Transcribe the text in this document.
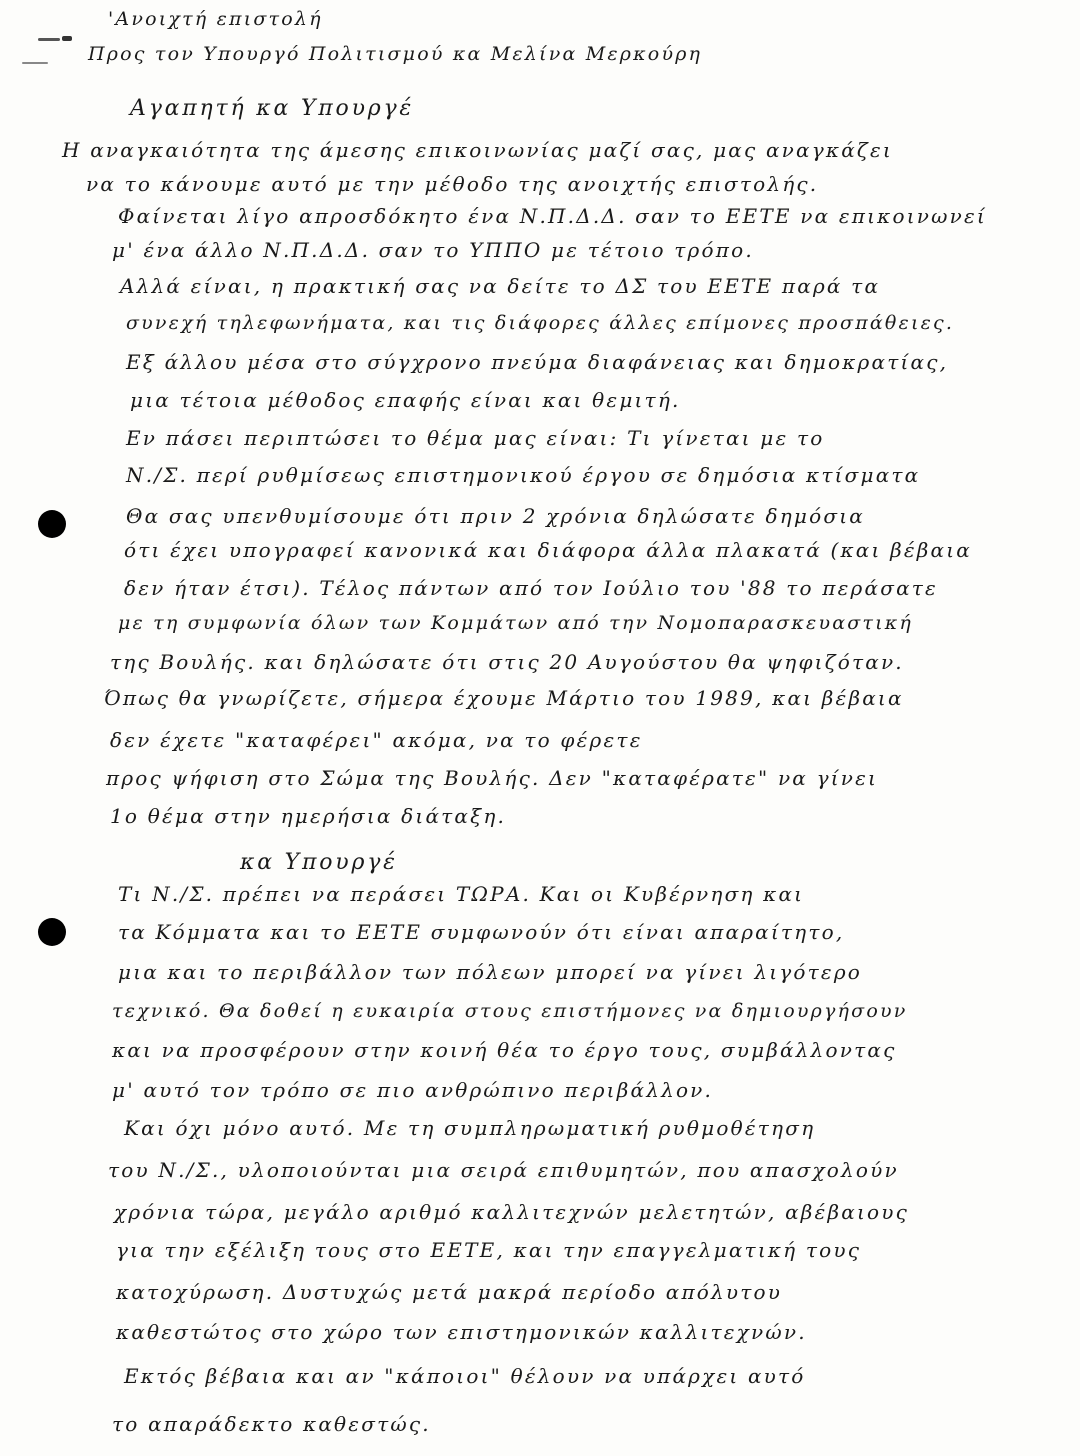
'Ανοιχτή επιστολή
Προς τον Υπουργό Πολιτισμού κα Μελίνα Μερκούρη
Αγαπητή κα Υπουργέ
Η αναγκαιότητα της άμεσης επικοινωνίας μαζί σας, μας αναγκάζει
να το κάνουμε αυτό με την μέθοδο της ανοιχτής επιστολής.
Φαίνεται λίγο απροσδόκητο ένα Ν.Π.Δ.Δ. σαν το ΕΕΤΕ να επικοινωνεί
μ' ένα άλλο Ν.Π.Δ.Δ. σαν το ΥΠΠΟ με τέτοιο τρόπο.
Αλλά είναι, η πρακτική σας να δείτε το ΔΣ του ΕΕΤΕ παρά τα
συνεχή τηλεφωνήματα, και τις διάφορες άλλες επίμονες προσπάθειες.
Εξ άλλου μέσα στο σύγχρονο πνεύμα διαφάνειας και δημοκρατίας,
μια τέτοια μέθοδος επαφής είναι και θεμιτή.
Εν πάσει περιπτώσει το θέμα μας είναι: Τι γίνεται με το
Ν./Σ. περί ρυθμίσεως επιστημονικού έργου σε δημόσια κτίσματα
Θα σας υπενθυμίσουμε ότι πριν 2 χρόνια δηλώσατε δημόσια
ότι έχει υπογραφεί κανονικά και διάφορα άλλα πλακατά (και βέβαια
δεν ήταν έτσι). Τέλος πάντων από τον Ιούλιο του '88 το περάσατε
με τη συμφωνία όλων των Κομμάτων από την Νομοπαρασκευαστική
της Βουλής. και δηλώσατε ότι στις 20 Αυγούστου θα ψηφιζόταν.
Όπως θα γνωρίζετε, σήμερα έχουμε Μάρτιο του 1989, και βέβαια
δεν έχετε "καταφέρει" ακόμα, να το φέρετε
προς ψήφιση στο Σώμα της Βουλής. Δεν "καταφέρατε" να γίνει
1ο θέμα στην ημερήσια διάταξη.
κα Υπουργέ
Τι Ν./Σ. πρέπει να περάσει ΤΩΡΑ. Και οι Κυβέρνηση και
τα Κόμματα και το ΕΕΤΕ συμφωνούν ότι είναι απαραίτητο,
μια και το περιβάλλον των πόλεων μπορεί να γίνει λιγότερο
τεχνικό. Θα δοθεί η ευκαιρία στους επιστήμονες να δημιουργήσουν
και να προσφέρουν στην κοινή θέα το έργο τους, συμβάλλοντας
μ' αυτό τον τρόπο σε πιο ανθρώπινο περιβάλλον.
Και όχι μόνο αυτό. Με τη συμπληρωματική ρυθμοθέτηση
του Ν./Σ., υλοποιούνται μια σειρά επιθυμητών, που απασχολούν
χρόνια τώρα, μεγάλο αριθμό καλλιτεχνών μελετητών, αβέβαιους
για την εξέλιξη τους στο ΕΕΤΕ, και την επαγγελματική τους
κατοχύρωση. Δυστυχώς μετά μακρά περίοδο απόλυτου
καθεστώτος στο χώρο των επιστημονικών καλλιτεχνών.
Εκτός βέβαια και αν "κάποιοι" θέλουν να υπάρχει αυτό
το απαράδεκτο καθεστώς.
